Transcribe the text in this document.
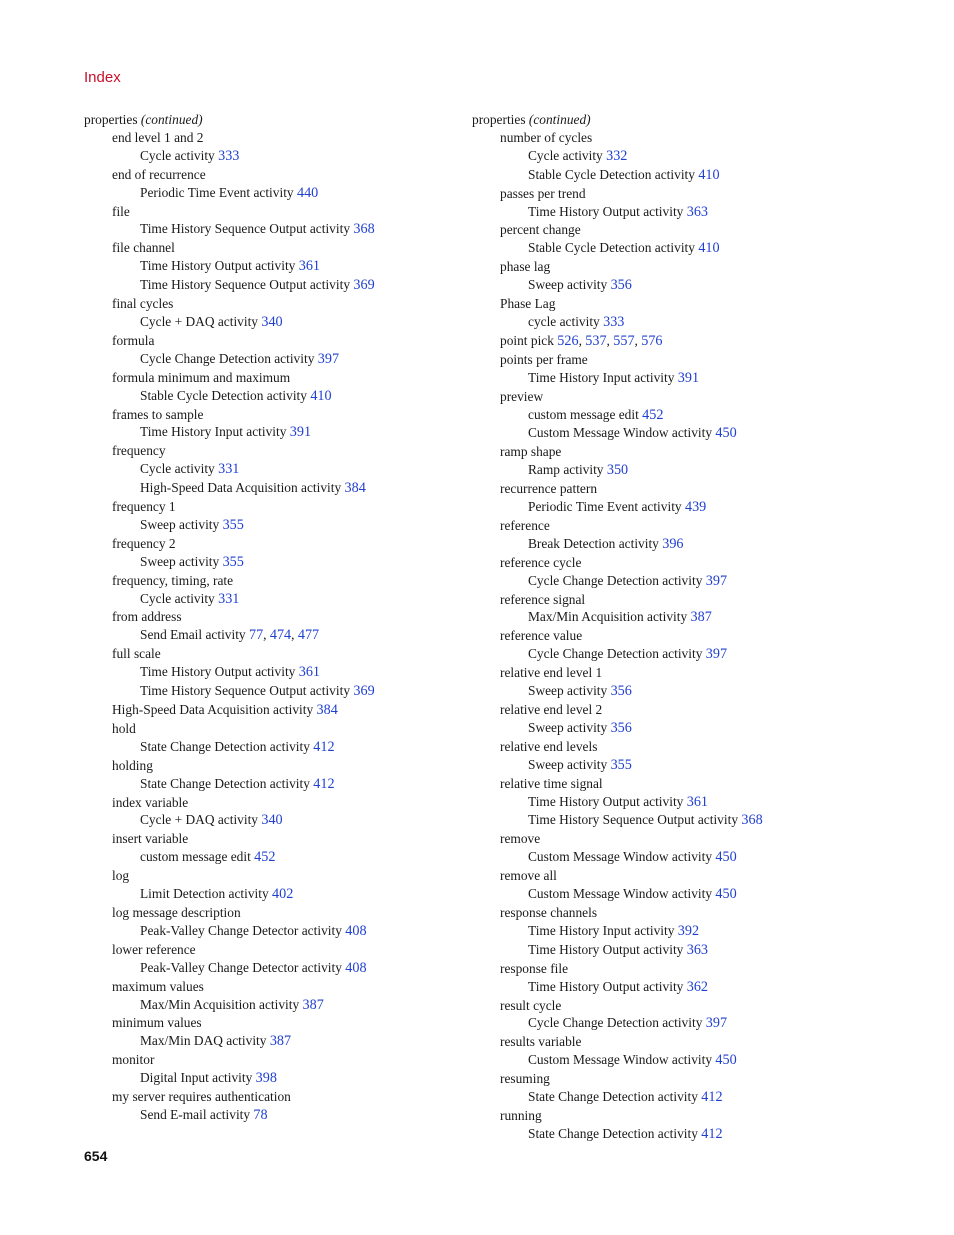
Index
properties (continued)
end level 1 and 2
Cycle activity 333
end of recurrence
Periodic Time Event activity 440
file
Time History Sequence Output activity 368
file channel
Time History Output activity 361
Time History Sequence Output activity 369
final cycles
Cycle + DAQ activity 340
formula
Cycle Change Detection activity 397
formula minimum and maximum
Stable Cycle Detection activity 410
frames to sample
Time History Input activity 391
frequency
Cycle activity 331
High-Speed Data Acquisition activity 384
frequency 1
Sweep activity 355
frequency 2
Sweep activity 355
frequency, timing, rate
Cycle activity 331
from address
Send Email activity 77, 474, 477
full scale
Time History Output activity 361
Time History Sequence Output activity 369
High-Speed Data Acquisition activity 384
hold
State Change Detection activity 412
holding
State Change Detection activity 412
index variable
Cycle + DAQ activity 340
insert variable
custom message edit 452
log
Limit Detection activity 402
log message description
Peak-Valley Change Detector activity 408
lower reference
Peak-Valley Change Detector activity 408
maximum values
Max/Min Acquisition activity 387
minimum values
Max/Min DAQ activity 387
monitor
Digital Input activity 398
my server requires authentication
Send E-mail activity 78
properties (continued)
number of cycles
Cycle activity 332
Stable Cycle Detection activity 410
passes per trend
Time History Output activity 363
percent change
Stable Cycle Detection activity 410
phase lag
Sweep activity 356
Phase Lag
cycle activity 333
point pick 526, 537, 557, 576
points per frame
Time History Input activity 391
preview
custom message edit 452
Custom Message Window activity 450
ramp shape
Ramp activity 350
recurrence pattern
Periodic Time Event activity 439
reference
Break Detection activity 396
reference cycle
Cycle Change Detection activity 397
reference signal
Max/Min Acquisition activity 387
reference value
Cycle Change Detection activity 397
relative end level 1
Sweep activity 356
relative end level 2
Sweep activity 356
relative end levels
Sweep activity 355
relative time signal
Time History Output activity 361
Time History Sequence Output activity 368
remove
Custom Message Window activity 450
remove all
Custom Message Window activity 450
response channels
Time History Input activity 392
Time History Output activity 363
response file
Time History Output activity 362
result cycle
Cycle Change Detection activity 397
results variable
Custom Message Window activity 450
resuming
State Change Detection activity 412
running
State Change Detection activity 412
654
